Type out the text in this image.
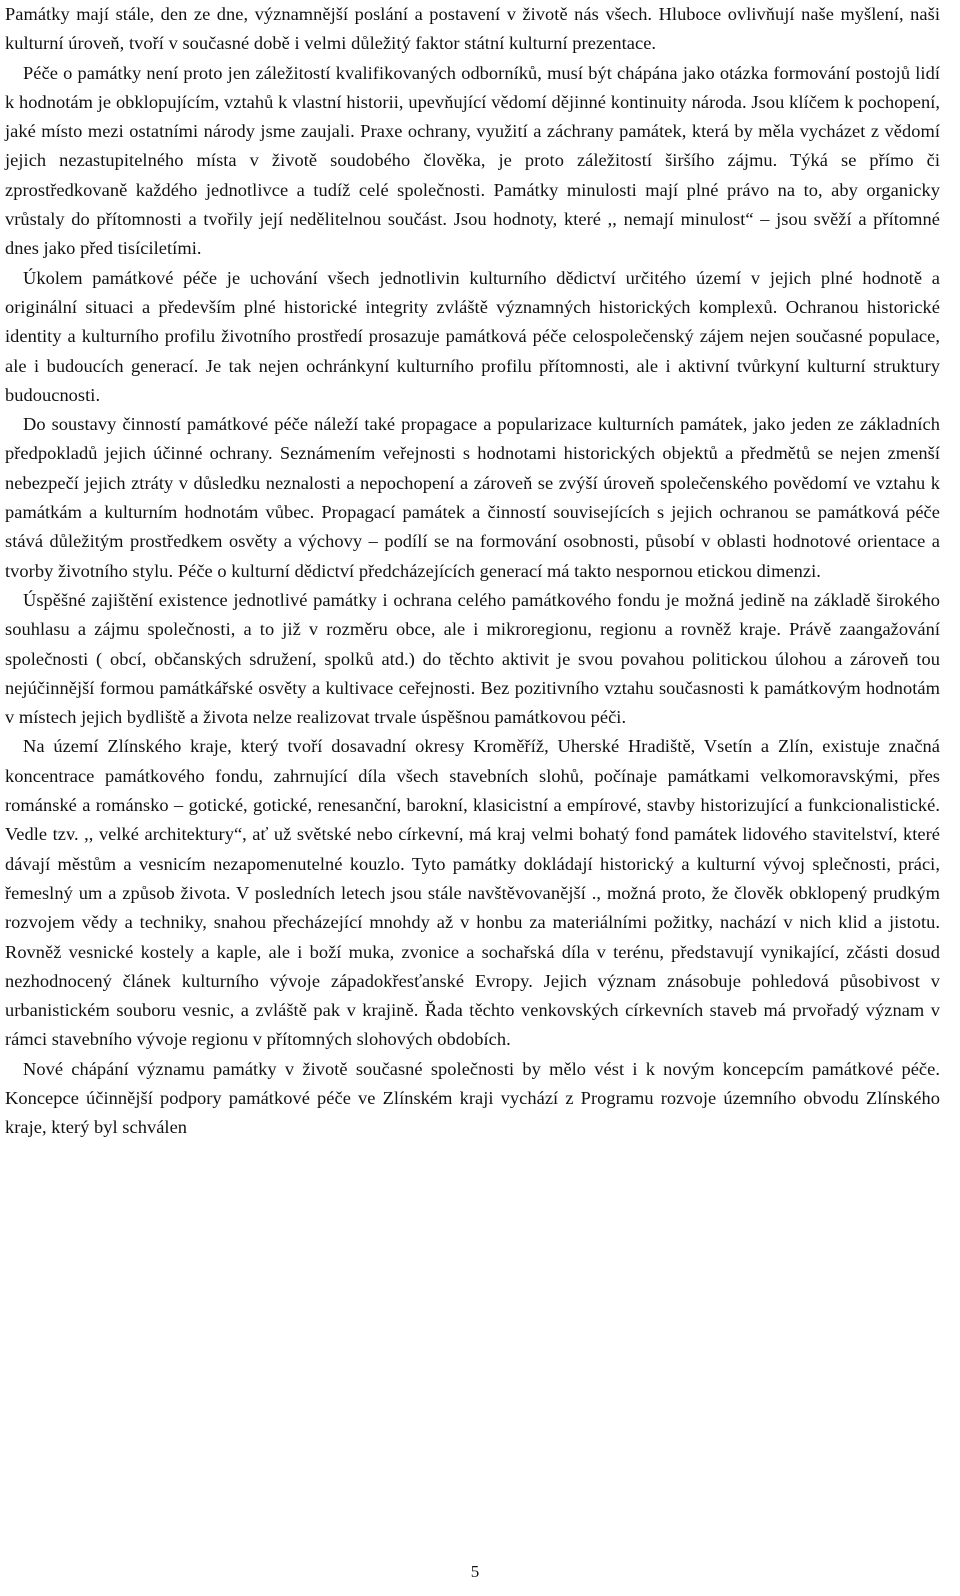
Památky mají stále, den ze dne, významnější poslání a postavení v životě nás všech. Hluboce ovlivňují naše myšlení, naši kulturní úroveň, tvoří v současné době i velmi důležitý faktor státní kulturní prezentace.

Péče o památky není proto jen záležitostí kvalifikovaných odborníků, musí být chápána jako otázka formování postojů lidí k hodnotám je obklopujícím, vztahů k vlastní historii, upevňující vědomí dějinné kontinuity národa. Jsou klíčem k pochopení, jaké místo mezi ostatními národy jsme zaujali. Praxe ochrany, využití a záchrany památek, která by měla vycházet z vědomí jejich nezastupitelného místa v životě soudobého člověka, je proto záležitostí širšího zájmu. Týká se přímo či zprostředkovaně každého jednotlivce a tudíž celé společnosti. Památky minulosti mají plné právo na to, aby organicky vrůstaly do přítomnosti a tvořily její nedělitelnou součást. Jsou hodnoty, které ,, nemají minulost“ – jsou svěží a přítomné dnes jako před tisíciletími.

Úkolem památkové péče je uchování všech jednotlivin kulturního dědictví určitého území v jejich plné hodnotě a originální situaci a především plné historické integrity zvláště významných historických komplexů. Ochranou historické identity a kulturního profilu životního prostředí prosazuje památková péče celospolečenský zájem nejen současné populace, ale i budoucích generací. Je tak nejen ochránkyní kulturního profilu přítomnosti, ale i aktivní tvůrkyní kulturní struktury budoucnosti.

Do soustavy činností památkové péče náleží také propagace a popularizace kulturních památek, jako jeden ze základních předpokladů jejich účinné ochrany. Seznámením veřejnosti s hodnotami historických objektů a předmětů se nejen zmenší nebezpečí jejich ztráty v důsledku neznalosti a nepochopení a zároveň se zvýší úroveň společenského povědomí ve vztahu k památkám a kulturním hodnotám vůbec. Propagací památek a činností souvisejících s jejich ochranou se památková péče stává důležitým prostředkem osvěty a výchovy – podílí se na formování osobnosti, působí v oblasti hodnotové orientace a tvorby životního stylu. Péče o kulturní dědictví předcházejících generací má takto nespornou etickou dimenzi.

Úspěšné zajištění existence jednotlivé památky i ochrana celého památkového fondu je možná jedině na základě širokého souhlasu a zájmu společnosti, a to již v rozměru obce, ale i mikroregionu, regionu a rovněž kraje. Právě zaangažování společnosti ( obcí, občanských sdružení, spolků atd.) do těchto aktivit je svou povahou politickou úlohou a zároveň tou nejúčinnější formou památkářské osvěty a kultivace ceřejnosti. Bez pozitivního vztahu současnosti k památkovým hodnotám v místech jejich bydliště a života nelze realizovat trvale úspěšnou památkovou péči.

Na území Zlínského kraje, který tvoří dosavadní okresy Kroměříž, Uherské Hradiště, Vsetín a Zlín, existuje značná koncentrace památkového fondu, zahrnující díla všech stavebních slohů, počínaje památkami velkomoravskými, přes románské a románsko – gotické, gotické, renesanční, barokní, klasicistní a empírové, stavby historizující a funkcionalistické. Vedle tzv. ,, velké architektury“, ať už světské nebo církevní, má kraj velmi bohatý fond památek lidového stavitelství, které dávají městům a vesnicím nezapomenutelné kouzlo. Tyto památky dokládají historický a kulturní vývoj splečnosti, práci, řemeslný um a způsob života. V posledních letech jsou stále navštěvovanější ., možná proto, že člověk obklopený prudkým rozvojem vědy a techniky, snahou přecházející mnohdy až v honbu za materiálními požitky, nachází v nich klid a jistotu. Rovněž vesnické kostely a kaple, ale i boží muka, zvonice a sochařská díla v terénu, představují vynikající, zčásti dosud nezhodnocený článek kulturního vývoje západokřesťanské Evropy. Jejich význam znásobuje pohledová působivost v urbanistickém souboru vesnic, a zvláště pak v krajině. Řada těchto venkovských církevních staveb má prvořadý význam v rámci stavebního vývoje regionu v přítomných slohových obdobích.

Nové chápání významu památky v životě současné společnosti by mělo vést i k novým koncepcím památkové péče. Koncepce účinnější podpory památkové péče ve Zlínském kraji vychází z Programu rozvoje územního obvodu Zlínského kraje, který byl schválen

5
